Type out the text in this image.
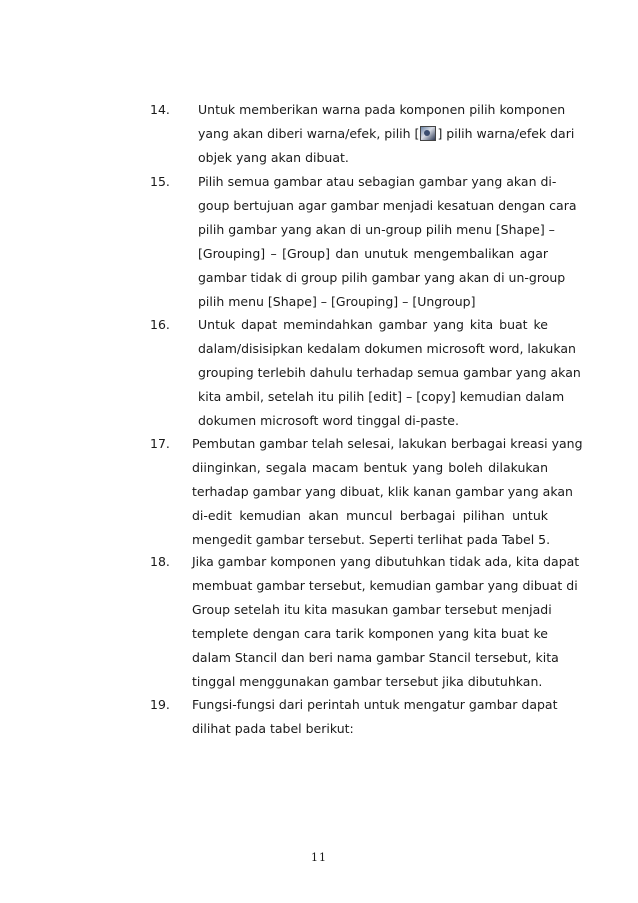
14. Untuk memberikan warna pada komponen pilih komponen
yang akan diberi warna/efek, pilih [ ] pilih warna/efek dari
objek yang akan dibuat.
15. Pilih semua gambar atau sebagian gambar yang akan di-
goup bertujuan agar gambar menjadi kesatuan dengan cara
pilih gambar yang akan di un-group pilih menu [Shape] –
[Grouping] – [Group] dan unutuk mengembalikan agar
gambar tidak di group pilih gambar yang akan di un-group
pilih menu [Shape] – [Grouping] – [Ungroup]
16. Untuk dapat memindahkan gambar yang kita buat ke
dalam/disisipkan kedalam dokumen microsoft word, lakukan
grouping terlebih dahulu terhadap semua gambar yang akan
kita ambil, setelah itu pilih [edit] – [copy] kemudian dalam
dokumen microsoft word tinggal di-paste.
17. Pembutan gambar telah selesai, lakukan berbagai kreasi yang
diinginkan, segala macam bentuk yang boleh dilakukan
terhadap gambar yang dibuat, klik kanan gambar yang akan
di-edit kemudian akan muncul berbagai pilihan untuk
mengedit gambar tersebut. Seperti terlihat pada Tabel 5.
18. Jika gambar komponen yang dibutuhkan tidak ada, kita dapat
membuat gambar tersebut, kemudian gambar yang dibuat di
Group setelah itu kita masukan gambar tersebut menjadi
templete dengan cara tarik komponen yang kita buat ke
dalam Stancil dan beri nama gambar Stancil tersebut, kita
tinggal menggunakan gambar tersebut jika dibutuhkan.
19. Fungsi-fungsi dari perintah untuk mengatur gambar dapat
dilihat pada tabel berikut:
11
